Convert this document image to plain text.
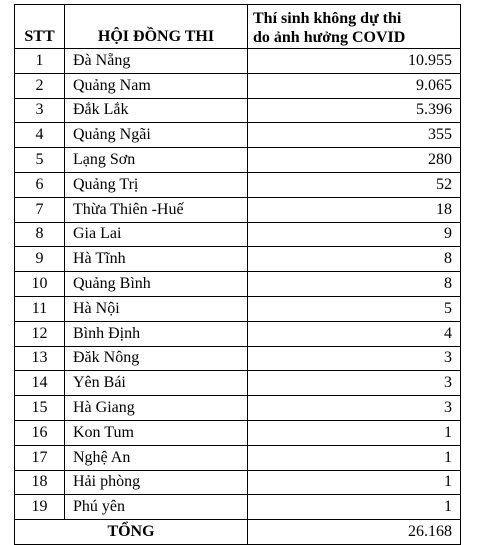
STT	HỘI ĐỒNG THI	Thí sinh không dự thi
do ảnh hưởng COVID

1	Đà Nẵng	10.955
2	Quảng Nam	9.065
3	Đắk Lắk	5.396
4	Quảng Ngãi	355
5	Lạng Sơn	280
6	Quảng Trị	52
7	Thừa Thiên -Huế	18
8	Gia Lai	9
9	Hà Tĩnh	8
10	Quảng Bình	8
11	Hà Nội	5
12	Bình Định	4
13	Đăk Nông	3
14	Yên Bái	3
15	Hà Giang	3
16	Kon Tum	1
17	Nghệ An	1
18	Hải phòng	1
19	Phú yên	1
TỔNG		26.168
